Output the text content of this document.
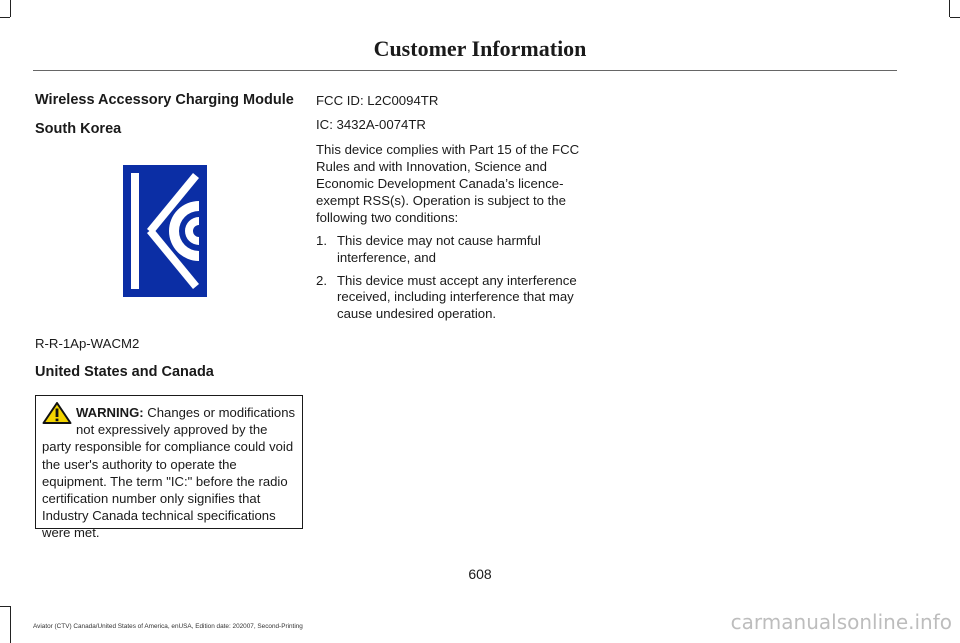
Customer Information

Wireless Accessory Charging Module

South Korea

R-R-1Ap-WACM2

United States and Canada

WARNING: Changes or modifications not expressively approved by the party responsible for compliance could void the user's authority to operate the equipment. The term "IC:" before the radio certification number only signifies that Industry Canada technical specifications were met.

FCC ID: L2C0094TR

IC: 3432A-0074TR

This device complies with Part 15 of the FCC Rules and with Innovation, Science and Economic Development Canada’s licence-exempt RSS(s). Operation is subject to the following two conditions:

1. This device may not cause harmful interference, and
2. This device must accept any interference received, including interference that may cause undesired operation.
608
Aviator (CTV) Canada/United States of America, enUSA, Edition date: 202007, Second-Printing	carmanualsonline.info
